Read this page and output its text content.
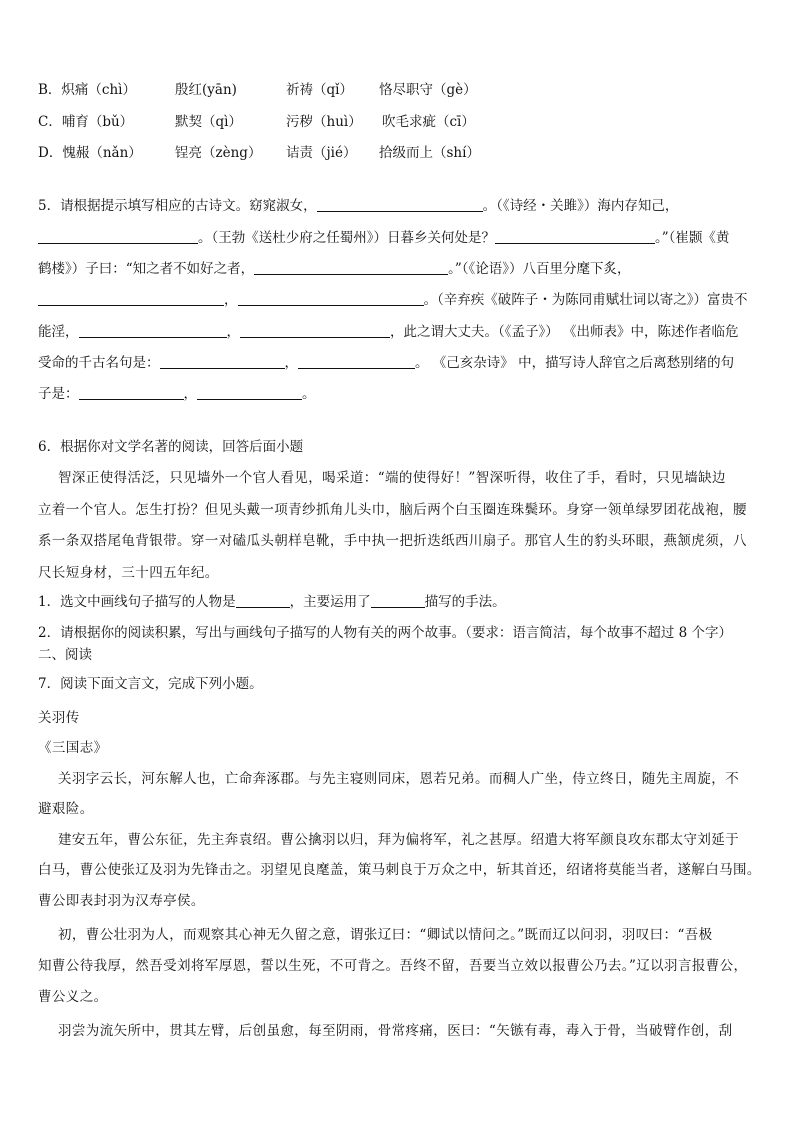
B．炽痛（chì）	殷红(yān)	祈祷（qǐ） 恪尽职守（gè）
C．哺育（bǔ）	默契（qì）	污秽（huì） 吹毛求疵（cī）
D．愧赧（nǎn） 锃亮（zèng） 诘责（jié） 拾级而上（shí）
5．请根据提示填写相应的古诗文。窈窕淑女，	。（《诗经・关雎》）海内存知己，
。（王勃《送杜少府之任蜀州》）日暮乡关何处是？	。”（崔颢《黄
鹤楼》）子曰：“知之者不如好之者，	。”（《论语》）八百里分麾下炙，
，	。（辛弃疾《破阵子・为陈同甫赋壮词以寄之》）富贵不
能淫，	，	，此之谓大丈夫。（《孟子》） 《出师表》中，陈述作者临危
受命的千古名句是：	，	。 《己亥杂诗》 中，描写诗人辞官之后离愁别绪的句
子是：	，	。
6．根据你对文学名著的阅读，回答后面小题
智深正使得活泛，只见墙外一个官人看见，喝采道：“端的使得好！”智深听得，收住了手，看时，只见墙缺边
立着一个官人。怎生打扮？但见头戴一项青纱抓角儿头巾，脑后两个白玉圈连珠鬓环。身穿一领单绿罗团花战袍，腰
系一条双搭尾龟背银带。穿一对磕瓜头朝样皂靴，手中执一把折迭纸西川扇子。那官人生的豹头环眼，燕颔虎须，八
尺长短身材，三十四五年纪。
1．选文中画线句子描写的人物是	，主要运用了	描写的手法。
2．请根据你的阅读积累，写出与画线句子描写的人物有关的两个故事。（要求：语言简洁，每个故事不超过 8 个字）
二、阅读
7．阅读下面文言文，完成下列小题。
关羽传
《三国志》
关羽字云长，河东解人也，亡命奔涿郡。与先主寝则同床，恩若兄弟。而稠人广坐，侍立终日，随先主周旋，不
避艰险。
建安五年，曹公东征，先主奔袁绍。曹公擒羽以归，拜为偏将军，礼之甚厚。绍遣大将军颜良攻东郡太守刘延于
白马，曹公使张辽及羽为先锋击之。羽望见良麾盖，策马刺良于万众之中，斩其首还，绍诸将莫能当者，遂解白马围。
曹公即表封羽为汉寿亭侯。
初，曹公壮羽为人，而观察其心神无久留之意，谓张辽曰：“卿试以情问之。”既而辽以问羽，羽叹曰：“吾极
知曹公待我厚，然吾受刘将军厚恩，誓以生死，不可背之。吾终不留，吾要当立效以报曹公乃去。”辽以羽言报曹公，
曹公义之。
羽尝为流矢所中，贯其左臂，后创虽愈，每至阴雨，骨常疼痛，医曰：“矢镞有毒，毒入于骨，当破臂作创，刮
